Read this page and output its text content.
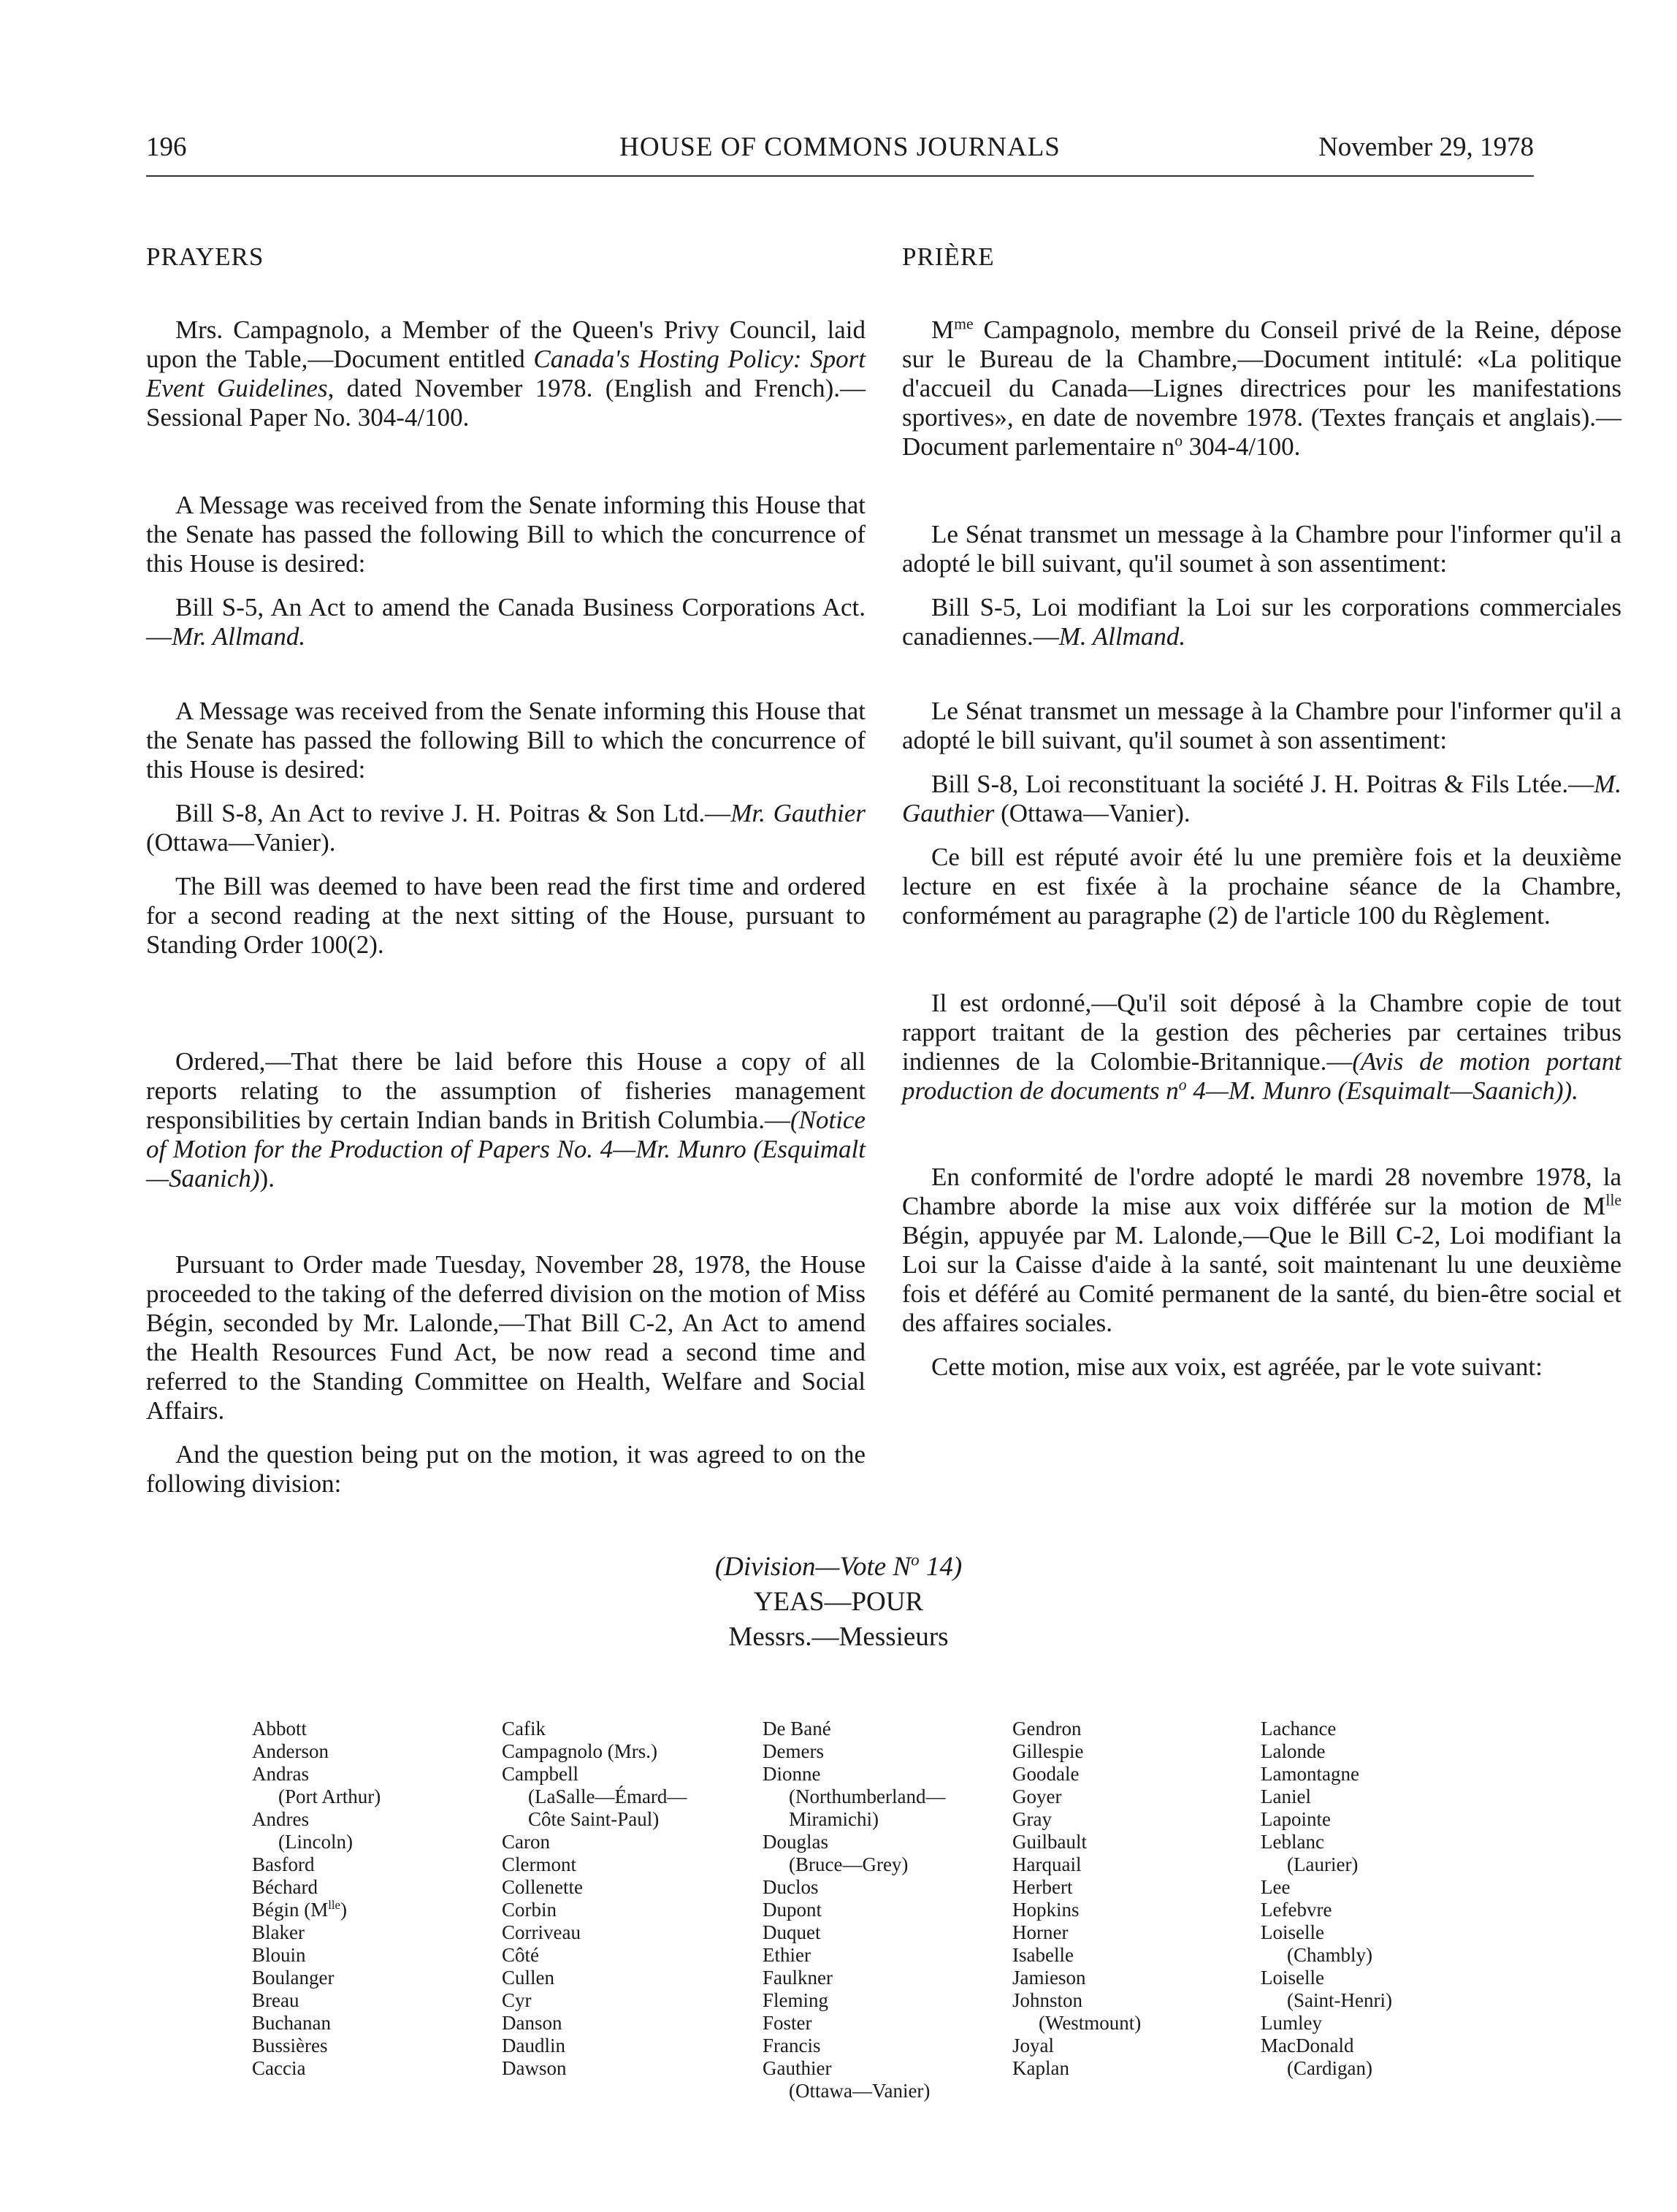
196	HOUSE OF COMMONS JOURNALS	November 29, 1978

PRAYERS

Mrs. Campagnolo, a Member of the Queen's Privy Council, laid upon the Table,—Document entitled Canada's Hosting Policy: Sport Event Guidelines, dated November 1978. (English and French).—Sessional Paper No. 304-4/100.

A Message was received from the Senate informing this House that the Senate has passed the following Bill to which the concurrence of this House is desired:

Bill S-5, An Act to amend the Canada Business Corporations Act.—Mr. Allmand.

A Message was received from the Senate informing this House that the Senate has passed the following Bill to which the concurrence of this House is desired:

Bill S-8, An Act to revive J. H. Poitras & Son Ltd.—Mr. Gauthier (Ottawa—Vanier).

The Bill was deemed to have been read the first time and ordered for a second reading at the next sitting of the House, pursuant to Standing Order 100(2).

Ordered,—That there be laid before this House a copy of all reports relating to the assumption of fisheries management responsibilities by certain Indian bands in British Columbia.—(Notice of Motion for the Production of Papers No. 4—Mr. Munro (Esquimalt—Saanich)).

Pursuant to Order made Tuesday, November 28, 1978, the House proceeded to the taking of the deferred division on the motion of Miss Bégin, seconded by Mr. Lalonde,—That Bill C-2, An Act to amend the Health Resources Fund Act, be now read a second time and referred to the Standing Committee on Health, Welfare and Social Affairs.

And the question being put on the motion, it was agreed to on the following division:

PRIÈRE

$M^{me}$ Campagnolo, membre du Conseil privé de la Reine, dépose sur le Bureau de la Chambre,—Document intitulé: «La politique d'accueil du Canada—Lignes directrices pour les manifestations sportives», en date de novembre 1978. (Textes français et anglais).—Document parlementaire $n^o$ 304-4/100.

Le Sénat transmet un message à la Chambre pour l'informer qu'il a adopté le bill suivant, qu'il soumet à son assentiment:

Bill S-5, Loi modifiant la Loi sur les corporations commerciales canadiennes.—M. Allmand.

Le Sénat transmet un message à la Chambre pour l'informer qu'il a adopté le bill suivant, qu'il soumet à son assentiment:

Bill S-8, Loi reconstituant la société J. H. Poitras & Fils Ltée.—M. Gauthier (Ottawa—Vanier).

Ce bill est réputé avoir été lu une première fois et la deuxième lecture en est fixée à la prochaine séance de la Chambre, conformément au paragraphe (2) de l'article 100 du Règlement.

Il est ordonné,—Qu'il soit déposé à la Chambre copie de tout rapport traitant de la gestion des pêcheries par certaines tribus indiennes de la Colombie-Britannique.—(Avis de motion portant production de documents $n^o$ 4—M. Munro (Esquimalt—Saanich)).

En conformité de l'ordre adopté le mardi 28 novembre 1978, la Chambre aborde la mise aux voix différée sur la motion de $M^{lle}$ Bégin, appuyée par M. Lalonde,—Que le Bill C-2, Loi modifiant la Loi sur la Caisse d'aide à la santé, soit maintenant lu une deuxième fois et déféré au Comité permanent de la santé, du bien-être social et des affaires sociales.

Cette motion, mise aux voix, est agréée, par le vote suivant:

(Division—Vote $N^o$ 14)
YEAS—POUR
Messrs.—Messieurs
Abbott
Anderson
Andras
(Port Arthur)
Andres
(Lincoln)
Basford
Béchard
Bégin $(M^{lle})$
Blaker
Blouin
Boulanger
Breau
Buchanan
Bussières
Caccia
Cafik
Campagnolo (Mrs.)
Campbell
(LaSalle—Émard—
Côte Saint-Paul)
Caron
Clermont
Collenette
Corbin
Corriveau
Côté
Cullen
Cyr
Danson
Daudlin
Dawson
De Bané
Demers
Dionne
(Northumberland—
Miramichi)
Douglas
(Bruce—Grey)
Duclos
Dupont
Duquet
Ethier
Faulkner
Fleming
Foster
Francis
Gauthier
(Ottawa—Vanier)
Gendron
Gillespie
Goodale
Goyer
Gray
Guilbault
Harquail
Herbert
Hopkins
Horner
Isabelle
Jamieson
Johnston
(Westmount)
Joyal
Kaplan
Lachance
Lalonde
Lamontagne
Laniel
Lapointe
Leblanc
(Laurier)
Lee
Lefebvre
Loiselle
(Chambly)
Loiselle
(Saint-Henri)
Lumley
MacDonald
(Cardigan)
